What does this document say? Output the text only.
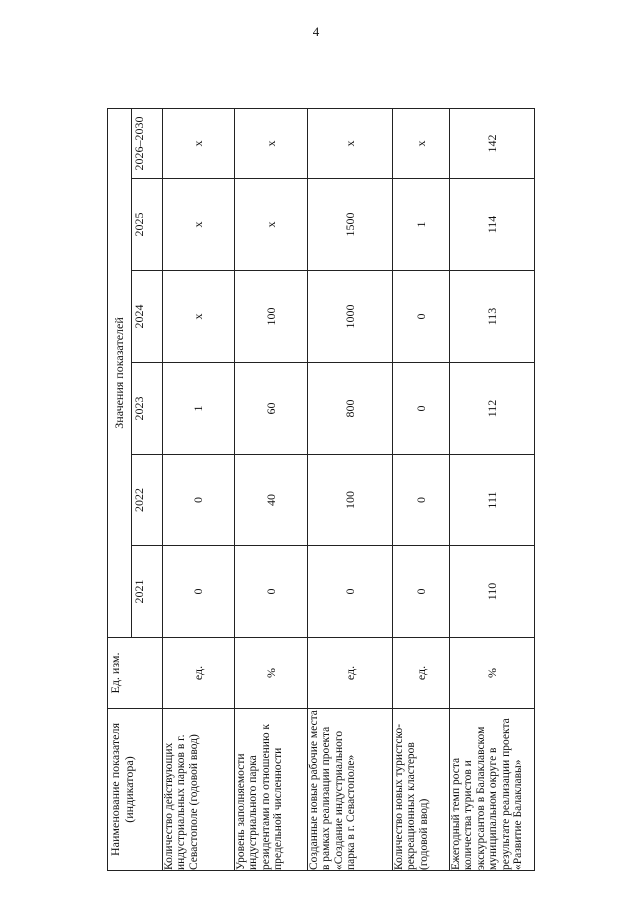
4
Наименование показателя (индикатора)	Ед. изм.	Значения показателей					
		2021	2022	2023	2024	2025	2026–2030
Количество действующих индустриальных парков в г. Севастополе (годовой ввод)	ед.	0	0	1	х	х	х
Уровень заполняемости индустриального парка резидентами по отношению к предельной численности	%	0	40	60	100	х	х
Созданные новые рабочие места в рамках реализации проекта «Создание индустриального парка в г. Севастополе»	ед.	0	100	800	1000	1500	х
Количество новых туристско-рекреационных кластеров (годовой ввод)	ед.	0	0	0	0	1	х
Ежегодный темп роста количества туристов и экскурсантов в Балаклавском муниципальном округе в результате реализации проекта «Развитие Балаклавы»	%	110	111	112	113	114	142
